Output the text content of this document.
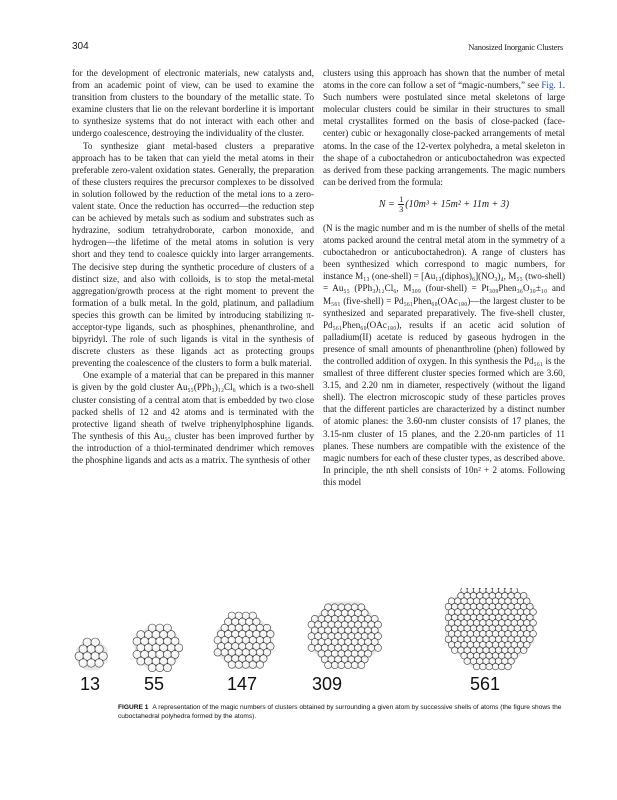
304	Nanosized Inorganic Clusters

for the development of electronic materials, new catalysts and, from an academic point of view, can be used to examine the transition from clusters to the boundary of the metallic state. To examine clusters that lie on the relevant borderline it is important to synthesize systems that do not interact with each other and undergo coalescence, destroying the individuality of the cluster.

To synthesize giant metal-based clusters a preparative approach has to be taken that can yield the metal atoms in their preferable zero-valent oxidation states. Generally, the preparation of these clusters requires the precursor complexes to be dissolved in solution followed by the reduction of the metal ions to a zero-valent state. Once the reduction has occurred—the reduction step can be achieved by metals such as sodium and substrates such as hydrazine, sodium tetrahydroborate, carbon monoxide, and hydrogen—the lifetime of the metal atoms in solution is very short and they tend to coalesce quickly into larger arrangements. The decisive step during the synthetic procedure of clusters of a distinct size, and also with colloids, is to stop the metal-metal aggregation/growth process at the right moment to prevent the formation of a bulk metal. In the gold, platinum, and palladium species this growth can be limited by introducing stabilizing π-acceptor-type ligands, such as phosphines, phenanthroline, and bipyridyl. The role of such ligands is vital in the synthesis of discrete clusters as these ligands act as protecting groups preventing the coalescence of the clusters to form a bulk material.

One example of a material that can be prepared in this manner is given by the gold cluster Au₅₅(PPh₃)₁₂Cl₆ which is a two-shell cluster consisting of a central atom that is embedded by two close packed shells of 12 and 42 atoms and is terminated with the protective ligand sheath of twelve triphenylphosphine ligands. The synthesis of this Au₅₅ cluster has been improved further by the introduction of a thiol-terminated dendrimer which removes the phosphine ligands and acts as a matrix. The synthesis of other

clusters using this approach has shown that the number of metal atoms in the core can follow a set of “magic-numbers,” see Fig. 1. Such numbers were postulated since metal skeletons of large molecular clusters could be similar in their structures to small metal crystallites formed on the basis of close-packed (face-center) cubic or hexagonally close-packed arrangements of metal atoms. In the case of the 12-vertex polyhedra, a metal skeleton in the shape of a cuboctahedron or anticuboctahedron was expected as derived from these packing arrangements. The magic numbers can be derived from the formula:

$N = \frac{1}{3} (10m^3 + 15m^2 + 11m + 3)$

(N is the magic number and m is the number of shells of the metal atoms packed around the central metal atom in the symmetry of a cuboctahedron or anticuboctahedron). A range of clusters has been synthesized which correspond to magic numbers, for instance M₁₃ (one-shell) = [Au₁₃(diphos)₆](NO₃)₄, M₅₅ (two-shell) = Au₅₅ (PPh₃)₁₂Cl₆, M₃₀₉ (four-shell) = Pt₃₀₉Phen₃₆O₃₀±₁₀ and M₅₆₁ (five-shell) = Pd₅₆₁Phen₆₀(OAc₁₈₀)—the largest cluster to be synthesized and separated preparatively. The five-shell cluster, Pd₅₆₁Phen₆₀(OAc₁₈₀), results if an acetic acid solution of palladium(II) acetate is reduced by gaseous hydrogen in the presence of small amounts of phenanthroline (phen) followed by the controlled addition of oxygen. In this synthesis the Pd₅₆₁ is the smallest of three different cluster species formed which are 3.60, 3.15, and 2.20 nm in diameter, respectively (without the ligand shell). The electron microscopic study of these particles proves that the different particles are characterized by a distinct number of atomic planes: the 3.60-nm cluster consists of 17 planes, the 3.15-nm cluster of 15 planes, and the 2.20-nm particles of 11 planes. These numbers are compatible with the existence of the magic numbers for each of these cluster types, as described above. In principle, the nth shell consists of 10n² + 2 atoms. Following this model

13 55	147	309	561
FIGURE 1 A representation of the magic numbers of clusters obtained by surrounding a given atom by successive shells of atoms (the figure shows the cuboctahedral polyhedra formed by the atoms).
